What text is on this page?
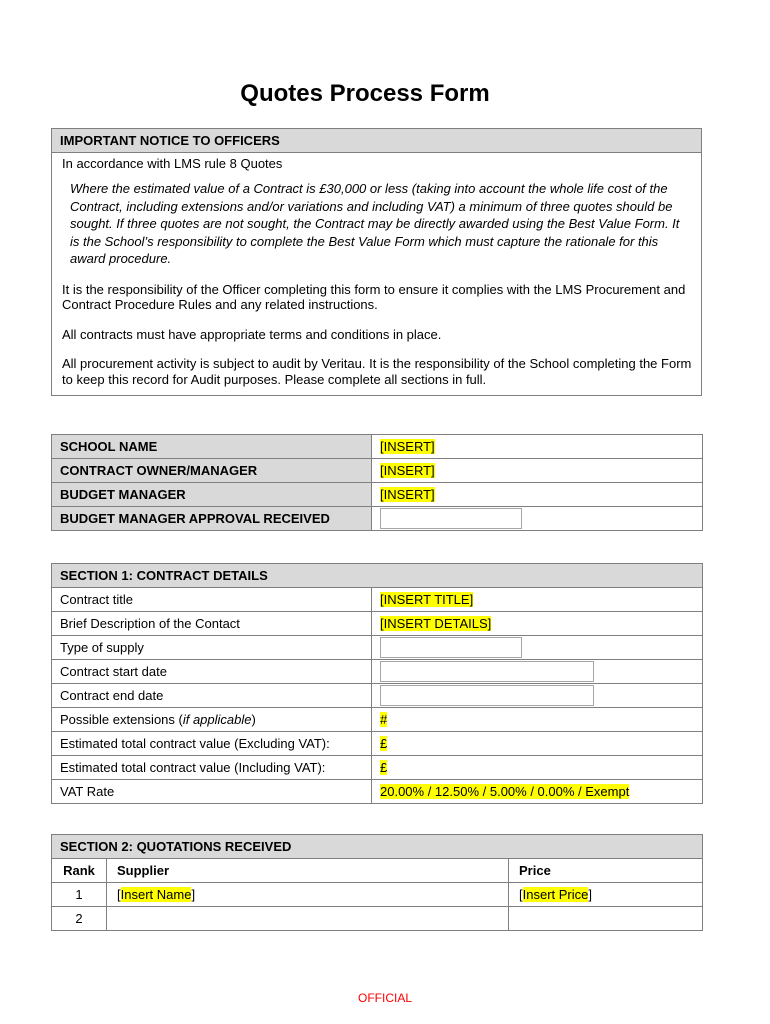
Quotes Process Form
IMPORTANT NOTICE TO OFFICERS

In accordance with LMS rule 8 Quotes

Where the estimated value of a Contract is £30,000 or less (taking into account the whole life cost of the Contract, including extensions and/or variations and including VAT) a minimum of three quotes should be sought. If three quotes are not sought, the Contract may be directly awarded using the Best Value Form. It is the School’s responsibility to complete the Best Value Form which must capture the rationale for this award procedure.

It is the responsibility of the Officer completing this form to ensure it complies with the LMS Procurement and Contract Procedure Rules and any related instructions.

All contracts must have appropriate terms and conditions in place.

All procurement activity is subject to audit by Veritau. It is the responsibility of the School completing the Form to keep this record for Audit purposes. Please complete all sections in full.

SCHOOL NAME	[INSERT]
CONTRACT OWNER/MANAGER	[INSERT]
BUDGET MANAGER	[INSERT]
BUDGET MANAGER APPROVAL RECEIVED	
SECTION 1: CONTRACT DETAILS	
Contract title	[INSERT TITLE]
Brief Description of the Contact	[INSERT DETAILS]
Type of supply	
Contract start date	
Contract end date	
Possible extensions (if applicable)	#
Estimated total contract value (Excluding VAT):	£
Estimated total contract value (Including VAT):	£
VAT Rate	20.00% / 12.50% / 5.00% / 0.00% / Exempt
SECTION 2: QUOTATIONS RECEIVED		
Rank	Supplier	Price
1	[Insert Name]	[Insert Price]
2		
OFFICIAL
